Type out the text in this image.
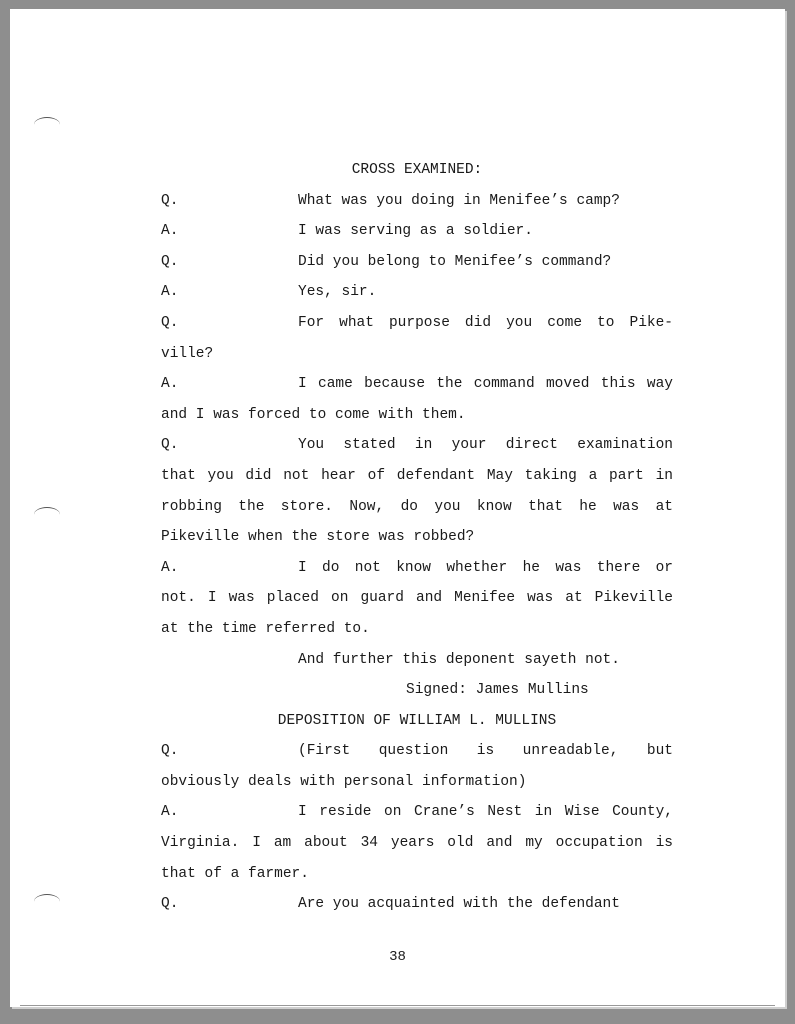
CROSS EXAMINED:
Q.	What was you doing in Menifee’s camp?
A.	I was serving as a soldier.
Q.	Did you belong to Menifee’s command?
A.	Yes, sir.
Q.	For what purpose did you come to Pike-
ville?
A.	I came because the command moved this way
and I was forced to come with them.
Q.	You stated in your direct examination
that you did not hear of defendant May taking a part in
robbing the store. Now, do you know that he was at
Pikeville when the store was robbed?
A.	I do not know whether he was there or
not. I was placed on guard and Menifee was at Pikeville
at the time referred to.
And further this deponent sayeth not.
Signed: James Mullins
DEPOSITION OF WILLIAM L. MULLINS
Q.	(First question is unreadable, but
obviously deals with personal information)
A.	I reside on Crane’s Nest in Wise County,
Virginia. I am about 34 years old and my occupation is
that of a farmer.
Q.	Are you acquainted with the defendant
38
